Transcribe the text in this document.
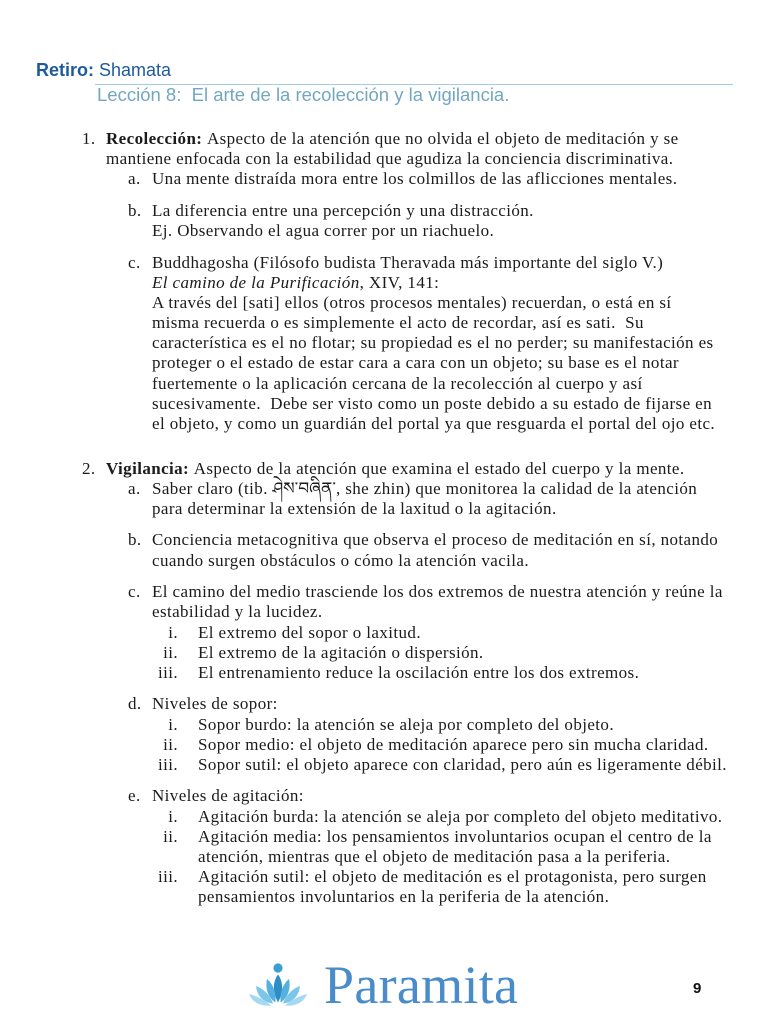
Retiro: Shamata
Lección 8:  El arte de la recolección y la vigilancia.
1. Recolección: Aspecto de la atención que no olvida el objeto de meditación y se
mantiene enfocada con la estabilidad que agudiza la conciencia discriminativa.
a. Una mente distraída mora entre los colmillos de las aflicciones mentales.
b. La diferencia entre una percepción y una distracción.
Ej. Observando el agua correr por un riachuelo.
c. Buddhagosha (Filósofo budista Theravada más importante del siglo V.)
El camino de la Purificación, XIV, 141:
A través del [sati] ellos (otros procesos mentales) recuerdan, o está en sí
misma recuerda o es simplemente el acto de recordar, así es sati.  Su
característica es el no flotar; su propiedad es el no perder; su manifestación es
proteger o el estado de estar cara a cara con un objeto; su base es el notar
fuertemente o la aplicación cercana de la recolección al cuerpo y así
sucesivamente.  Debe ser visto como un poste debido a su estado de fijarse en
el objeto, y como un guardián del portal ya que resguarda el portal del ojo etc.
2. Vigilancia: Aspecto de la atención que examina el estado del cuerpo y la mente.
a. Saber claro (tib. ཤེས་བཞིན་, she zhin) que monitorea la calidad de la atención
para determinar la extensión de la laxitud o la agitación.
b. Conciencia metacognitiva que observa el proceso de meditación en sí, notando
cuando surgen obstáculos o cómo la atención vacila.
c. El camino del medio trasciende los dos extremos de nuestra atención y reúne la
estabilidad y la lucidez.
i. El extremo del sopor o laxitud.
ii. El extremo de la agitación o dispersión.
iii. El entrenamiento reduce la oscilación entre los dos extremos.
d. Niveles de sopor:
i. Sopor burdo: la atención se aleja por completo del objeto.
ii. Sopor medio: el objeto de meditación aparece pero sin mucha claridad.
iii. Sopor sutil: el objeto aparece con claridad, pero aún es ligeramente débil.
e. Niveles de agitación:
i. Agitación burda: la atención se aleja por completo del objeto meditativo.
ii. Agitación media: los pensamientos involuntarios ocupan el centro de la
atención, mientras que el objeto de meditación pasa a la periferia.
iii. Agitación sutil: el objeto de meditación es el protagonista, pero surgen
pensamientos involuntarios en la periferia de la atención.
Paramita	9
